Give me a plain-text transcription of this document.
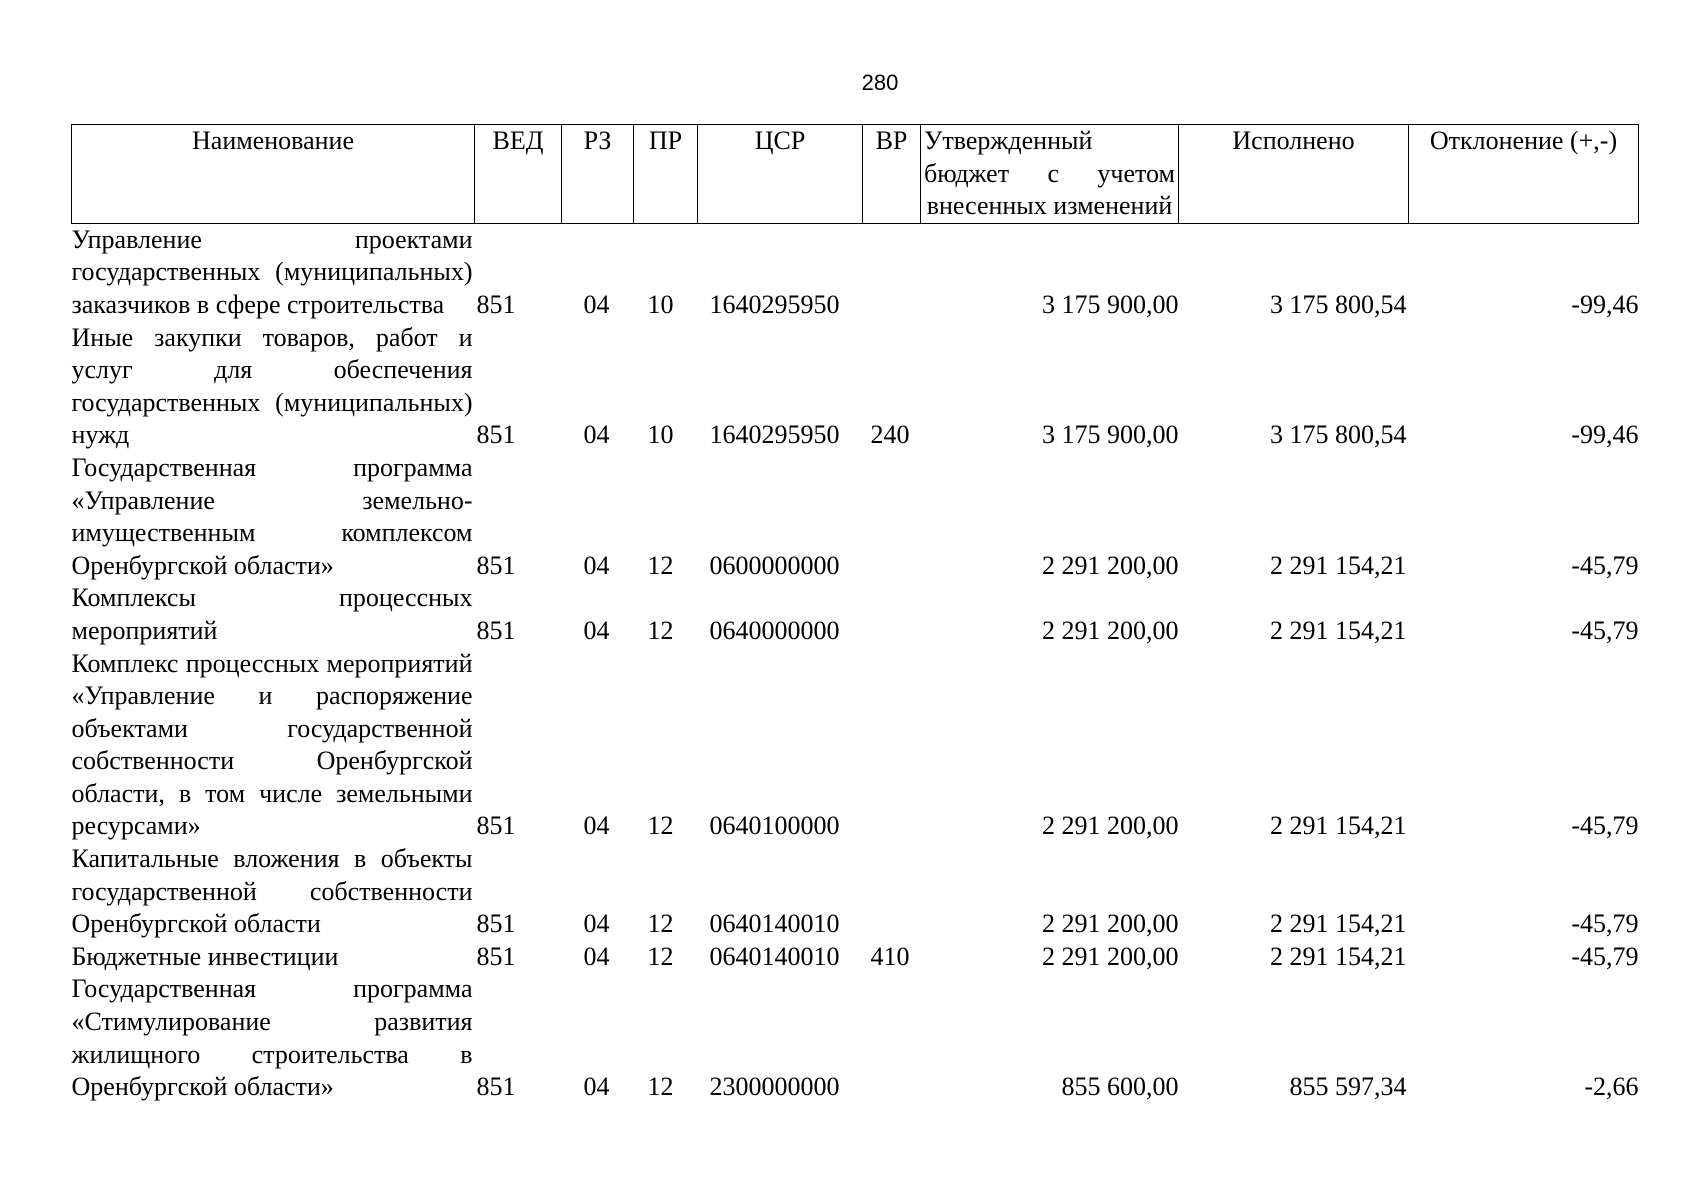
280
Наименование	ВЕД	РЗ	ПР	ЦСР	ВР	Утвержденный бюджет с учетом внесенных изменений	Исполнено	Отклонение (+,-)
Управление проектами государственных (муниципальных) заказчиков в сфере строительства	851	04	10	1640295950		3 175 900,00	3 175 800,54	-99,46
Иные закупки товаров, работ и услуг для обеспечения государственных (муниципальных) нужд	851	04	10	1640295950	240	3 175 900,00	3 175 800,54	-99,46
Государственная программа «Управление земельно-имущественным комплексом Оренбургской области»	851	04	12	0600000000		2 291 200,00	2 291 154,21	-45,79
Комплексы процессных мероприятий	851	04	12	0640000000		2 291 200,00	2 291 154,21	-45,79
Комплекс процессных мероприятий «Управление и распоряжение объектами государственной собственности Оренбургской области, в том числе земельными ресурсами»	851	04	12	0640100000		2 291 200,00	2 291 154,21	-45,79
Капитальные вложения в объекты государственной собственности Оренбургской области	851	04	12	0640140010		2 291 200,00	2 291 154,21	-45,79
Бюджетные инвестиции	851	04	12	0640140010	410	2 291 200,00	2 291 154,21	-45,79
Государственная программа «Стимулирование развития жилищного строительства в Оренбургской области»	851	04	12	2300000000		855 600,00	855 597,34	-2,66
